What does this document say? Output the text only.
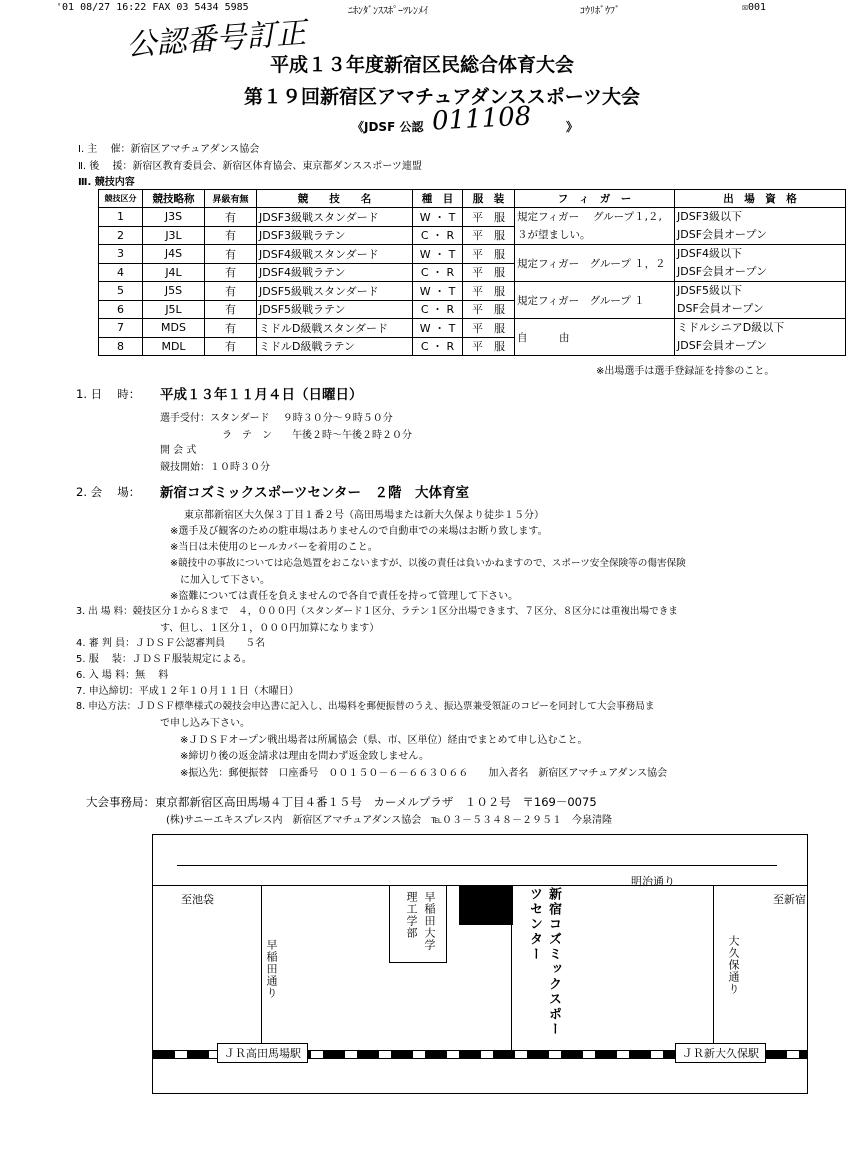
'01 08/27 16:22 FAX 03 5434 5985	ﾆﾎﾝﾀﾞﾝｽｽﾎﾟｰﾂﾚﾝﾒｲ	ｺｳﾘﾎﾞｳﾌﾞ	☒001
公認番号訂正
平成１３年度新宿区民総合体育大会
第１９回新宿区アマチュアダンススポーツ大会
《JDSF 公認 011108	》
Ⅰ. 主　 催：新宿区アマチュアダンス協会
Ⅱ. 後　 援：新宿区教育委員会、新宿区体育協会、東京都ダンススポーツ連盟
Ⅲ. 競技内容
競技区分	競技略称	昇級有無	競　　技　　名	種　目	服　装	フ　ィ　ガ　ー	出　場　資　格
1	J3S	有	JDSF3級戦スタンダード	W ・ T	平　服	規定フィガー　 グループ１,２,３が望ましい。	JDSF3級以下
JDSF会員オープン

2	J3L	有	JDSF3級戦ラテン	C ・ R	平　服		
3	J4S	有	JDSF4級戦スタンダード	W ・ T	平　服	規定フィガー　グループ １，２	JDSF4級以下
JDSF会員オープン

4	J4L	有	JDSF4級戦ラテン	C ・ R	平　服		
5	J5S	有	JDSF5級戦スタンダード	W ・ T	平　服	規定フィガー　グループ １	JDSF5級以下
DSF会員オープン

6	J5L	有	JDSF5級戦ラテン	C ・ R	平　服		
7	MDS	有	ミドルD級戦スタンダード	W ・ T	平　服	自　　　由	ミドルシニアD級以下
JDSF会員オープン

8	MDL	有	ミドルD級戦ラテン	C ・ R	平　服		
※出場選手は選手登録証を持参のこと。
1. 日　 時： 平成１３年１１月４日（日曜日）
選手受付：スタンダード　 ９時３０分～９時５０分
ラ　テ　ン　　午後２時～午後２時２０分
開 会 式
競技開始：１０時３０分
2. 会　 場： 新宿コズミックスポーツセンター　２階　大体育室
東京都新宿区大久保３丁目１番２号（高田馬場または新大久保より徒歩１５分）
※選手及び観客のための駐車場はありませんので自動車での来場はお断り致します。
※当日は未使用のヒールカバーを着用のこと。
※競技中の事故については応急処置をおこないますが、以後の責任は負いかねますので、スポーツ安全保険等の傷害保険
に加入して下さい。
※盗難については責任を負えませんので各自で責任を持って管理して下さい。
3. 出 場 料：競技区分１から８まで　４，０００円（スタンダード１区分、ラテン１区分出場できます、７区分、８区分には重複出場できま
す、但し、１区分１，０００円加算になります）
4. 審 判 員：ＪＤＳＦ公認審判員　　５名
5. 服　 装：ＪＤＳＦ服装規定による。
6. 入 場 料：無　 料
7. 申込締切：平成１２年１０月１１日（木曜日）
8. 申込方法：ＪＤＳＦ標準様式の競技会申込書に記入し、出場料を郵便振替のうえ、振込票兼受領証のコピーを同封して大会事務局ま
で申し込み下さい。
※ＪＤＳＦオープン戦出場者は所属協会（県、市、区単位）経由でまとめて申し込むこと。
※締切り後の返金請求は理由を問わず返金致しません。
※振込先：郵便振替　口座番号　００１５０－６－６６３０６６　　加入者名　新宿区アマチュアダンス協会
大会事務局：東京都新宿区高田馬場４丁目４番１５号　カーメルプラザ　１０２号　〒169－0075
(株)サニーエキスプレス内　新宿区アマチュアダンス協会　℡０３－５３４８－２９５１　今泉清隆
◀
至池袋	至新宿
明治通り
早稲田通り	大久保通り
早稲田大学
理工学部	新宿コズミックスポーツセンター
ＪＲ高田馬場駅	ＪＲ新大久保駅
